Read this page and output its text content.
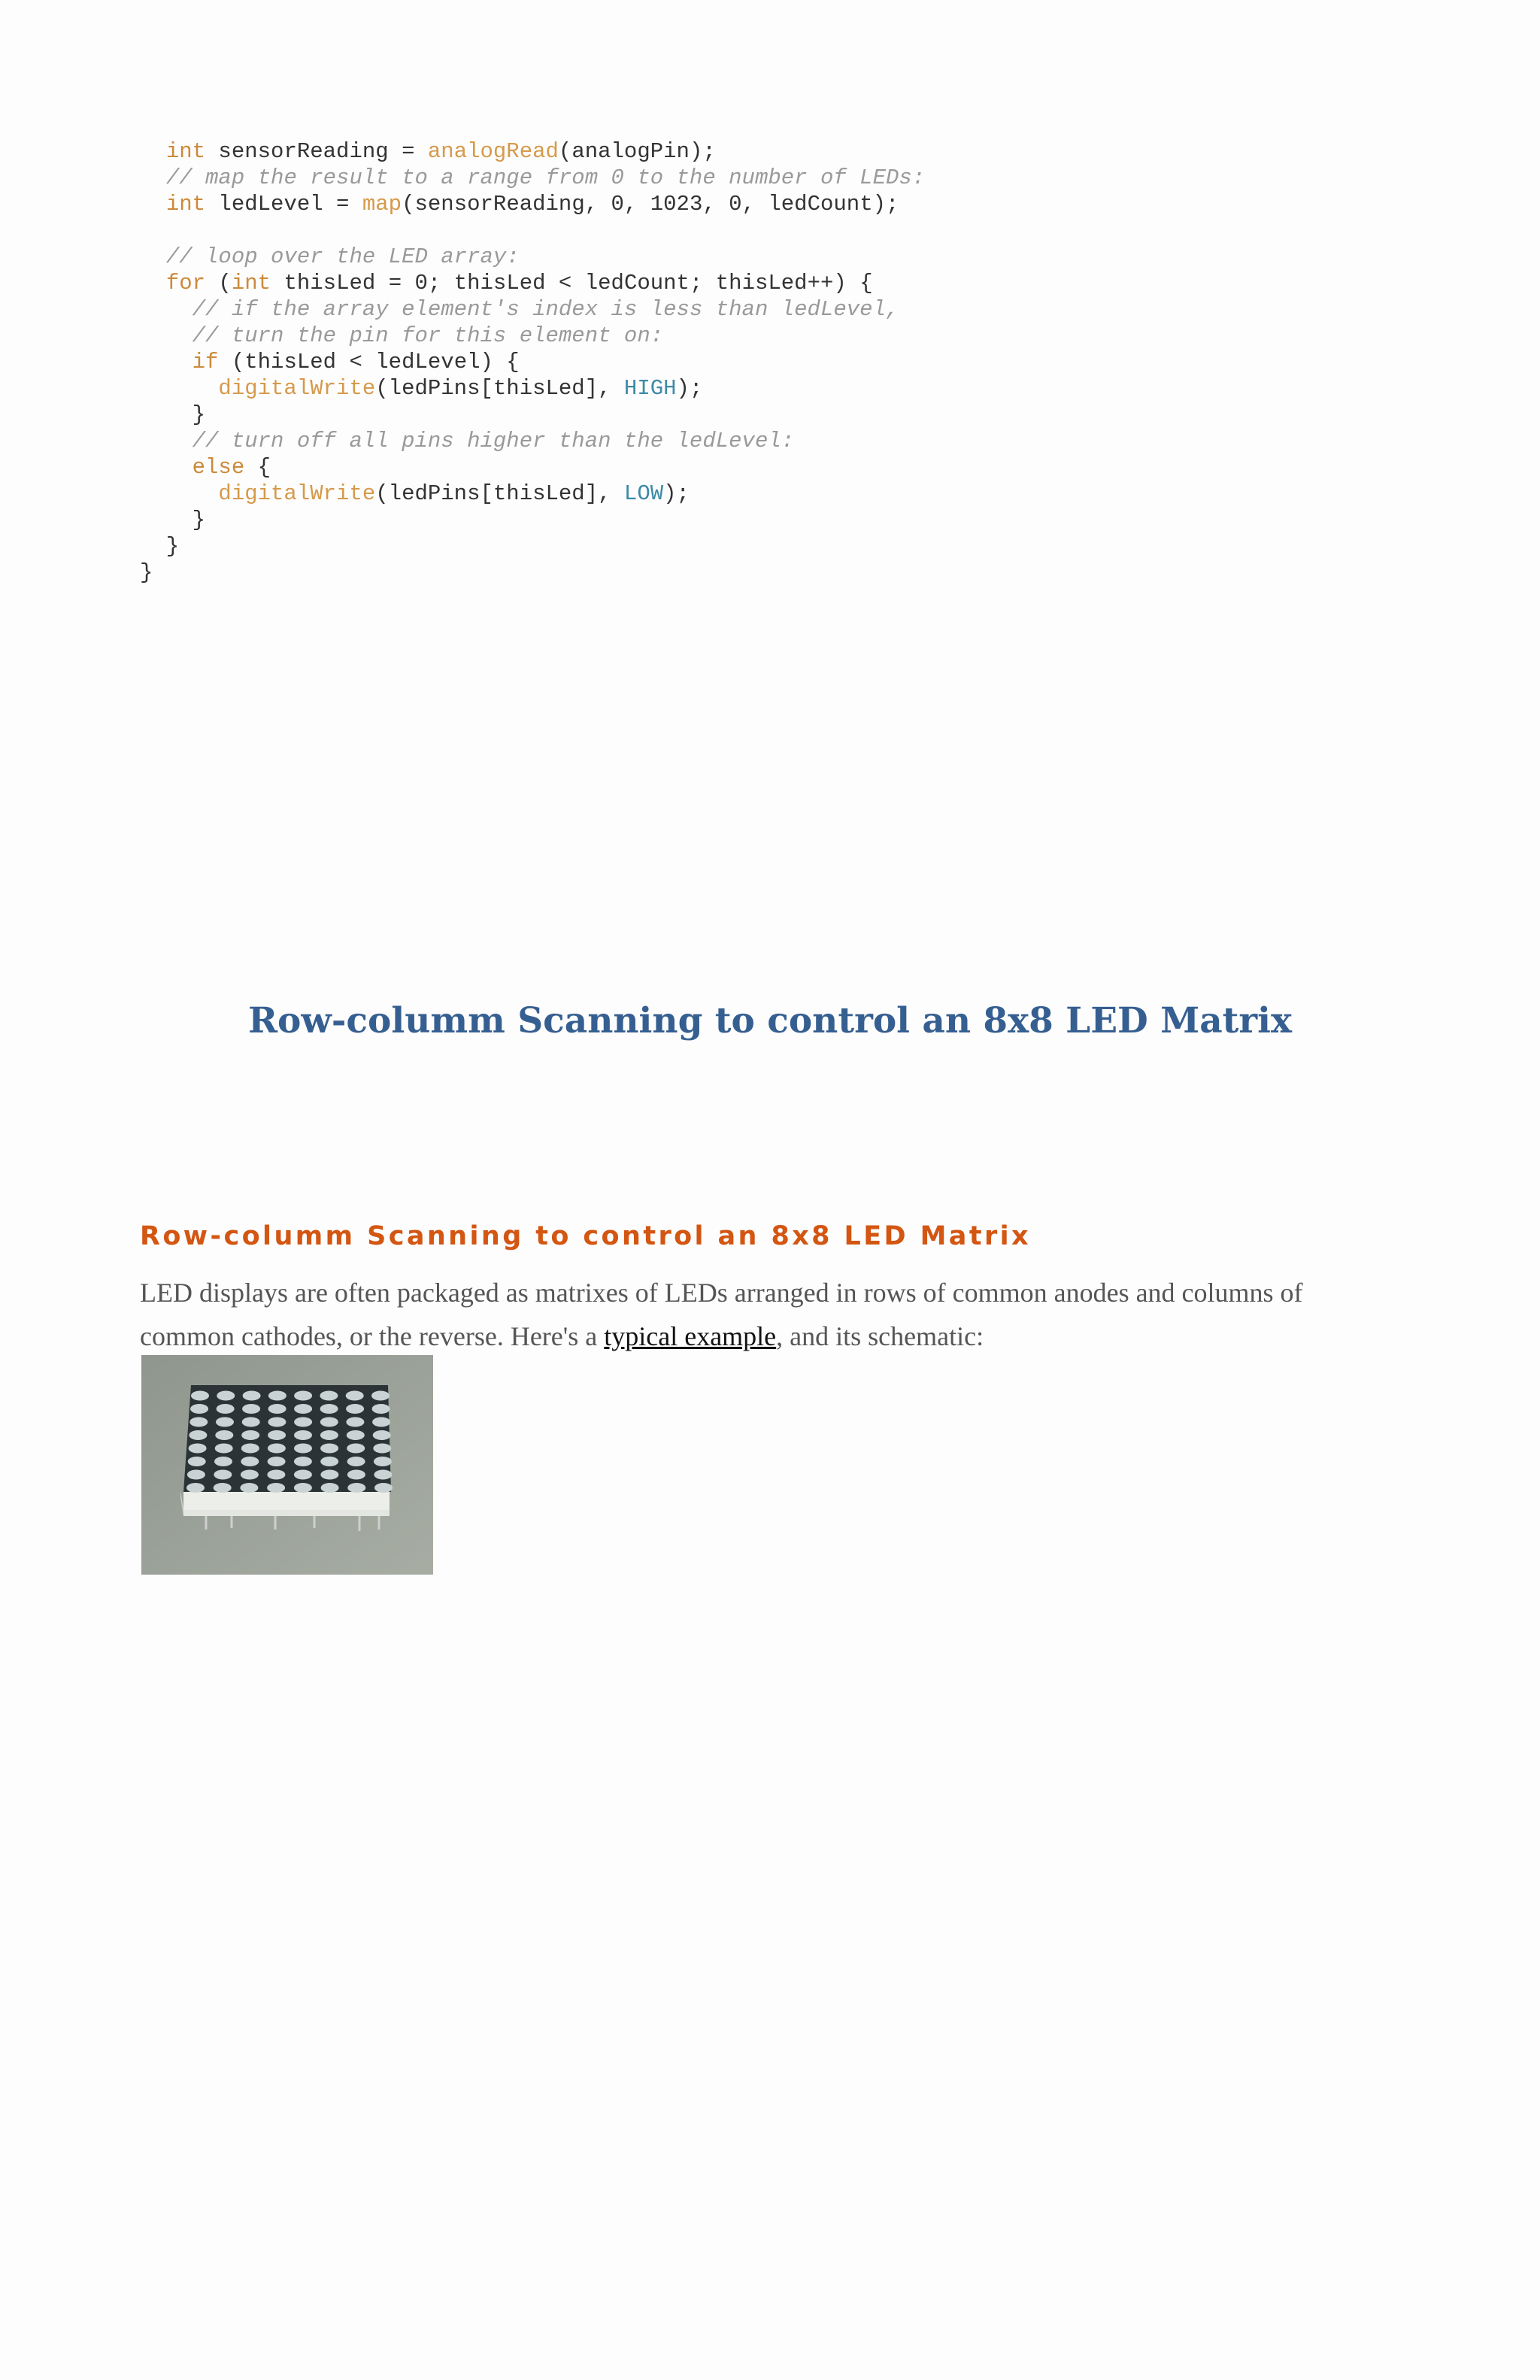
int sensorReading = analogRead(analogPin);
// map the result to a range from 0 to the number of LEDs:
int ledLevel = map(sensorReading, 0, 1023, 0, ledCount);
// loop over the LED array:
for (int thisLed = 0; thisLed < ledCount; thisLed++) {
// if the array element's index is less than ledLevel,
// turn the pin for this element on:
if (thisLed < ledLevel) {
digitalWrite(ledPins[thisLed], HIGH);
}
// turn off all pins higher than the ledLevel:
else {
digitalWrite(ledPins[thisLed], LOW);
}
}
}
Row-columm Scanning to control an 8x8 LED Matrix
Row-columm Scanning to control an 8x8 LED Matrix

LED displays are often packaged as matrixes of LEDs arranged in rows of common anodes and columns of common cathodes, or the reverse. Here's a typical example, and its schematic:
